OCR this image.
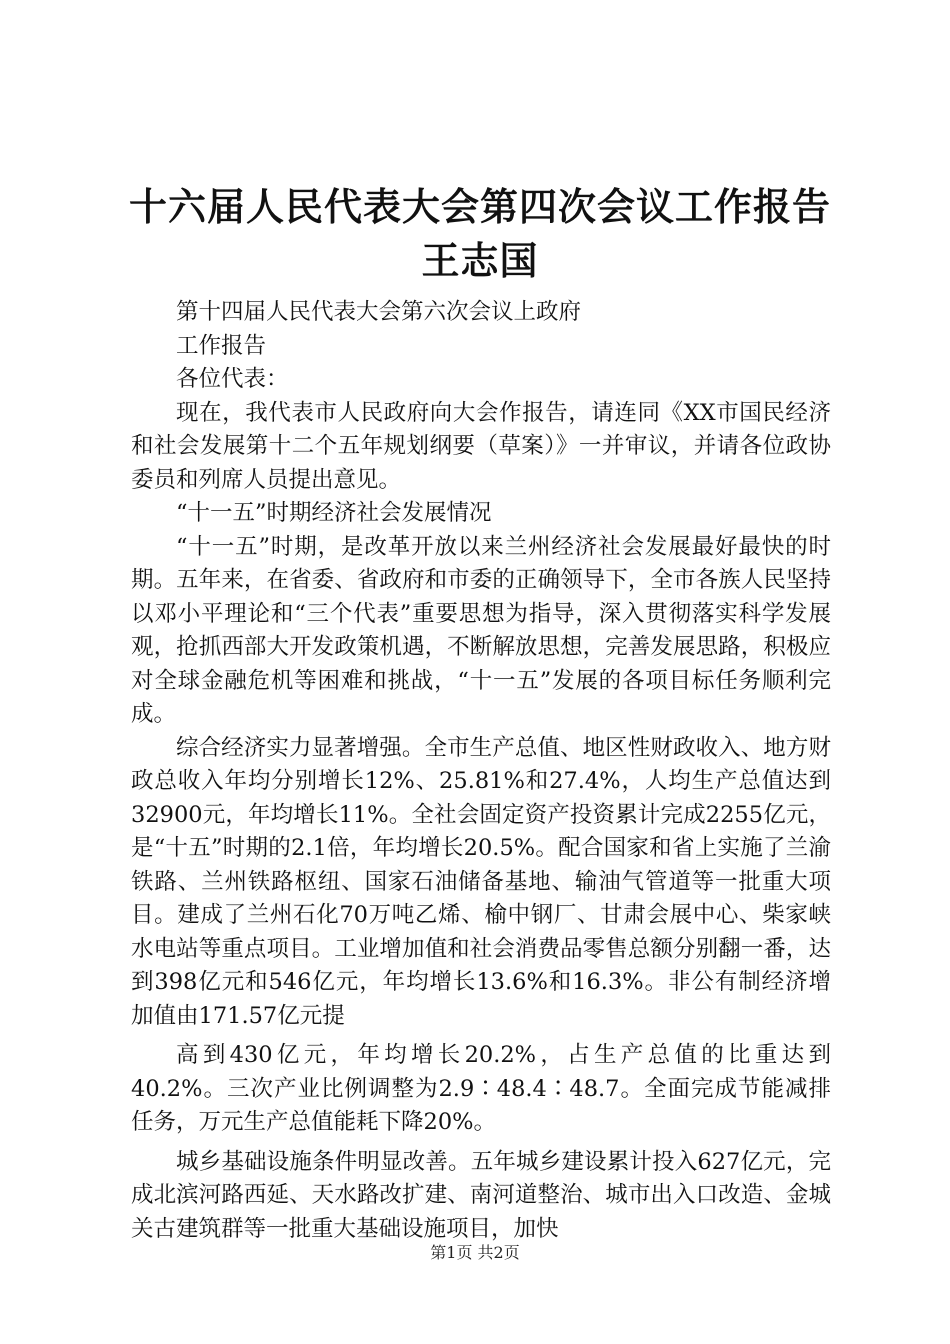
十六届人民代表大会第四次会议工作报告王志国

第十四届人民代表大会第六次会议上政府

工作报告

各位代表：

现在，我代表市人民政府向大会作报告，请连同《XX市国民经济和社会发展第十二个五年规划纲要（草案）》一并审议，并请各位政协委员和列席人员提出意见。

“十一五”时期经济社会发展情况

“十一五”时期，是改革开放以来兰州经济社会发展最好最快的时期。五年来，在省委、省政府和市委的正确领导下，全市各族人民坚持以邓小平理论和“三个代表”重要思想为指导，深入贯彻落实科学发展观，抢抓西部大开发政策机遇，不断解放思想，完善发展思路，积极应对全球金融危机等困难和挑战，“十一五”发展的各项目标任务顺利完成。

综合经济实力显著增强。全市生产总值、地区性财政收入、地方财政总收入年均分别增长12%、25.81%和27.4%，人均生产总值达到32900元，年均增长11%。全社会固定资产投资累计完成2255亿元，是“十五”时期的2.1倍，年均增长20.5%。配合国家和省上实施了兰渝铁路、兰州铁路枢纽、国家石油储备基地、输油气管道等一批重大项目。建成了兰州石化70万吨乙烯、榆中钢厂、甘肃会展中心、柴家峡水电站等重点项目。工业增加值和社会消费品零售总额分别翻一番，达到398亿元和546亿元，年均增长13.6%和16.3%。非公有制经济增加值由171.57亿元提

高到430亿元，年均增长20.2%，占生产总值的比重达到40.2%。三次产业比例调整为2.9∶48.4∶48.7。全面完成节能减排任务，万元生产总值能耗下降20%。

城乡基础设施条件明显改善。五年城乡建设累计投入627亿元，完成北滨河路西延、天水路改扩建、南河道整治、城市出入口改造、金城关古建筑群等一批重大基础设施项目，加快

第1页 共2页
